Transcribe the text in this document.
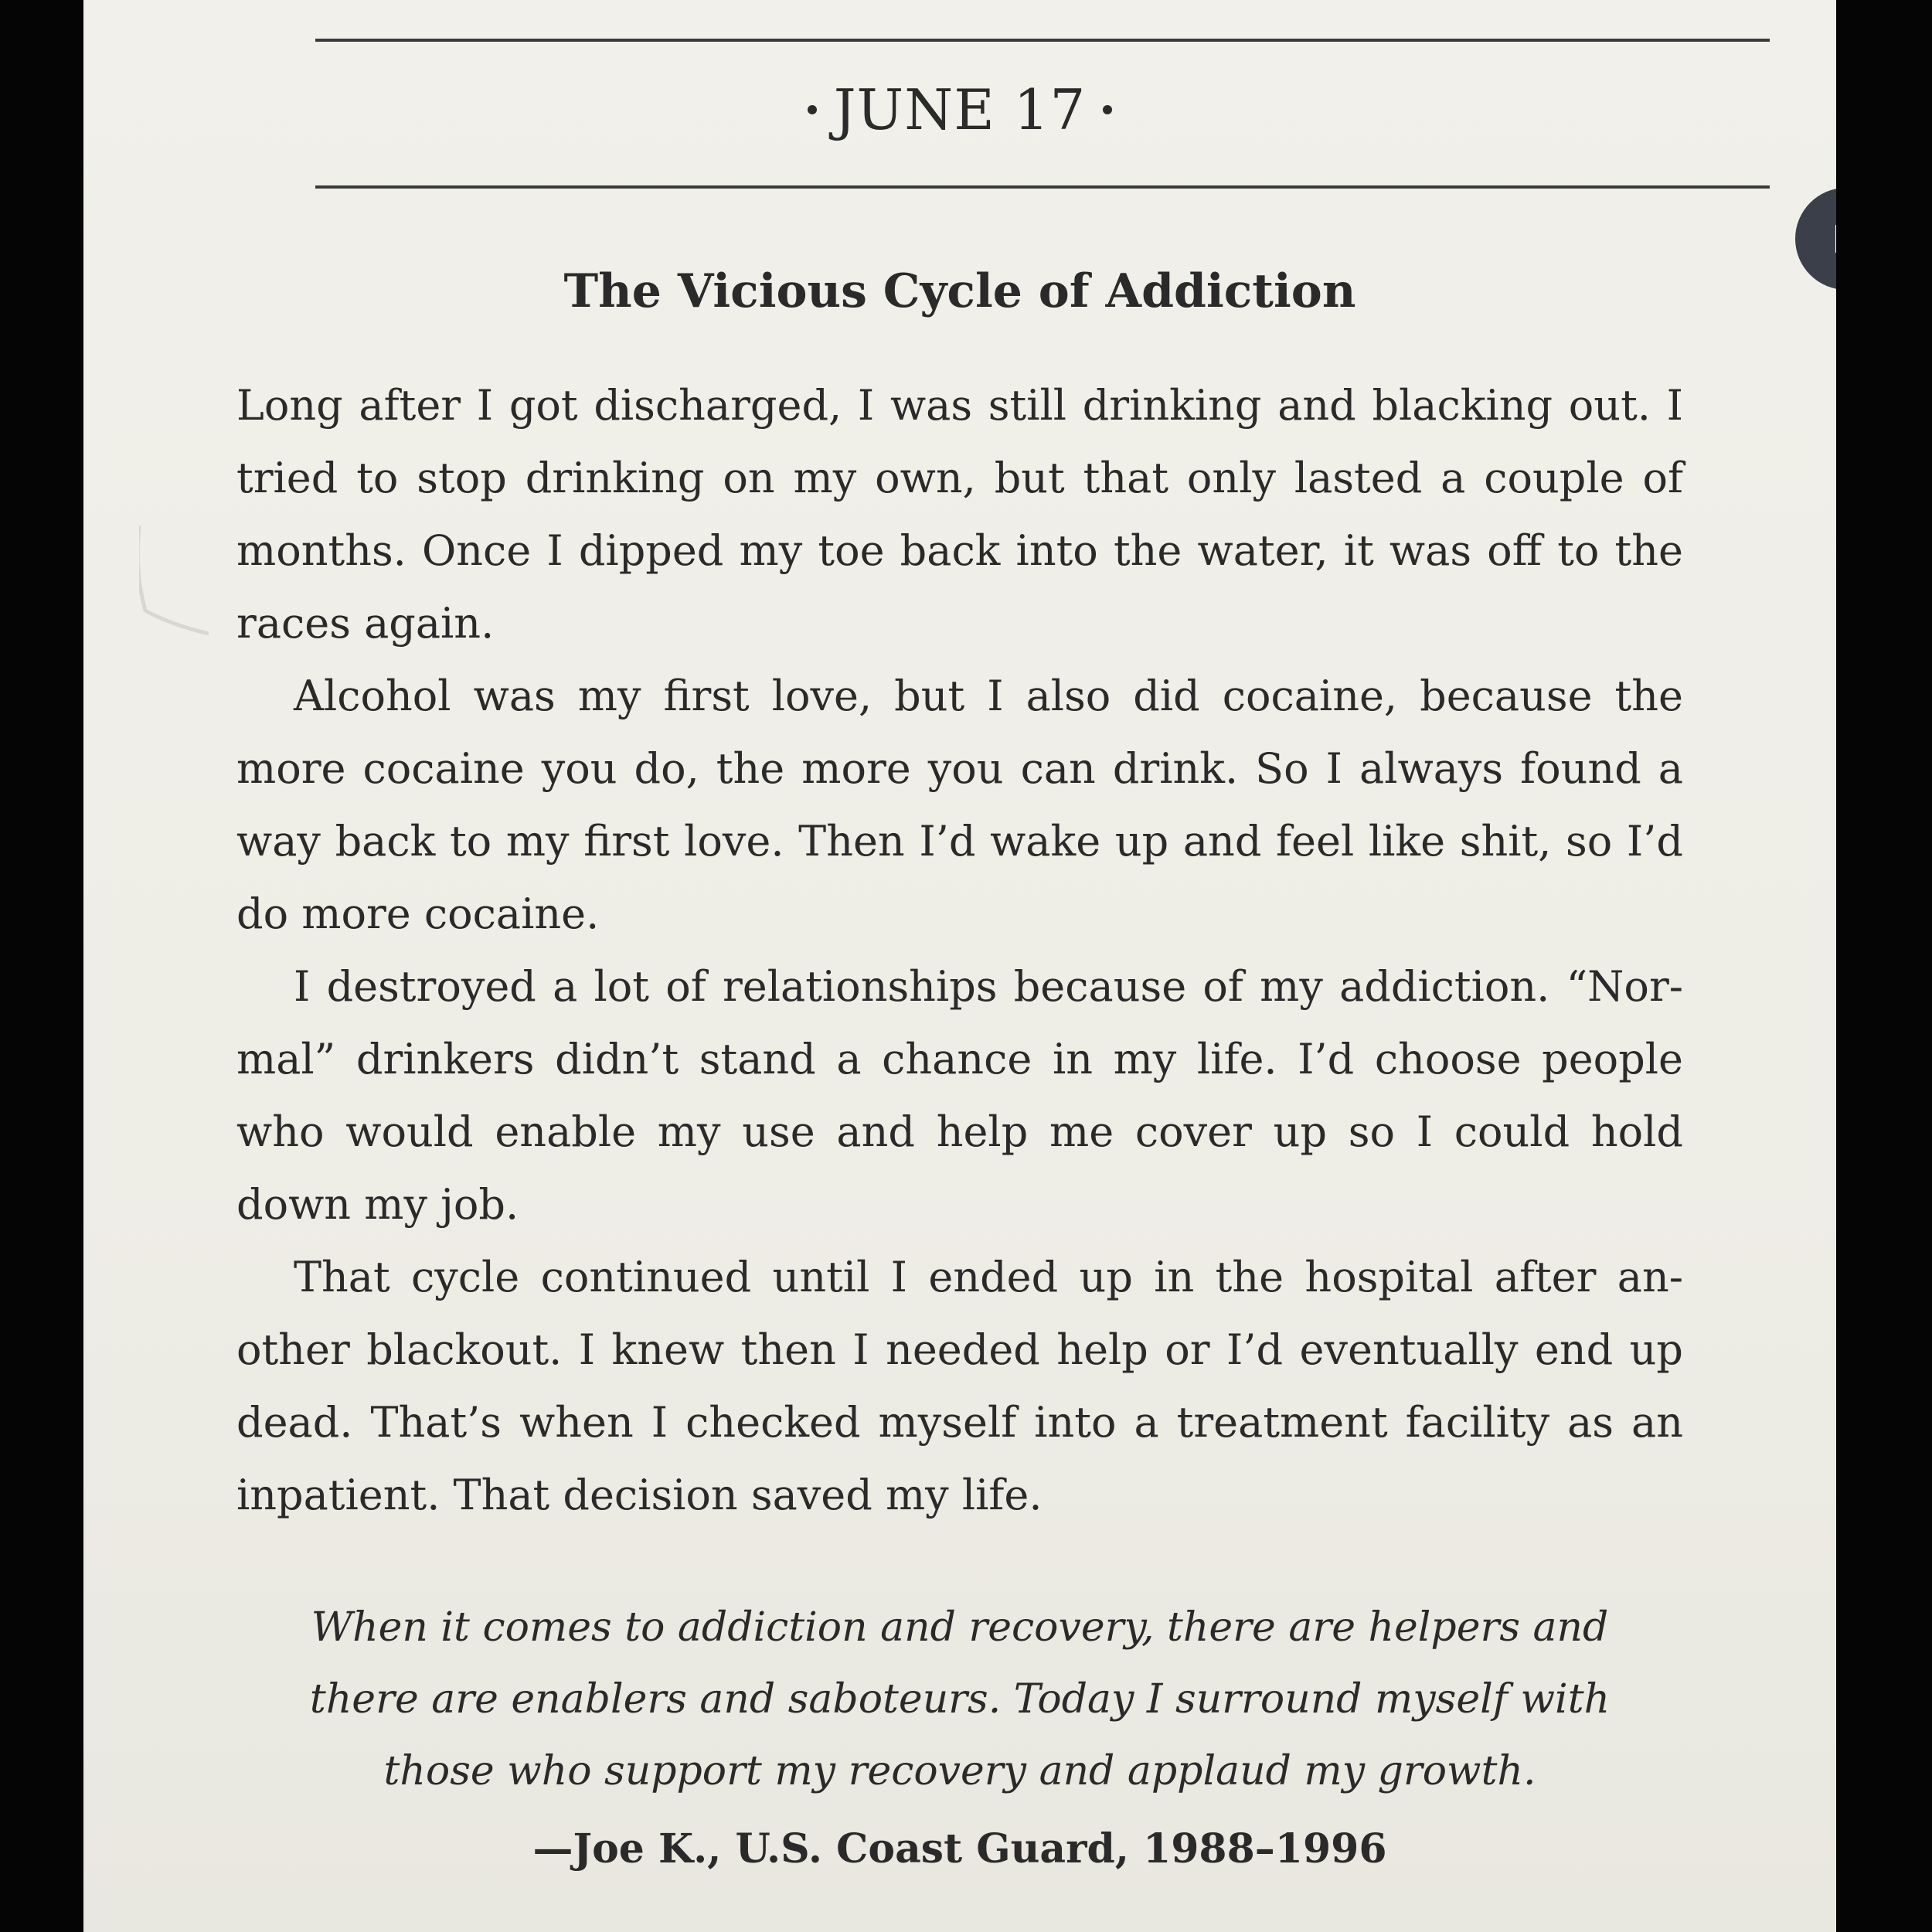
JUNE 17
The Vicious Cycle of Addiction

Long after I got discharged, I was still drinking and blacking out. I tried to stop drinking on my own, but that only lasted a couple of months. Once I dipped my toe back into the water, it was off to the races again.

Alcohol was my first love, but I also did cocaine, because the more cocaine you do, the more you can drink. So I always found a way back to my first love. Then I’d wake up and feel like shit, so I’d do more cocaine.

I destroyed a lot of relationships because of my addiction. “Nor-mal” drinkers didn’t stand a chance in my life. I’d choose people who would enable my use and help me cover up so I could hold down my job.

That cycle continued until I ended up in the hospital after an-other blackout. I knew then I needed help or I’d eventually end up dead. That’s when I checked myself into a treatment facility as an inpatient. That decision saved my life.

When it comes to addiction and recovery, there are helpers and there are enablers and saboteurs. Today I surround myself with those who support my recovery and applaud my growth.
—Joe K., U.S. Coast Guard, 1988–1996
